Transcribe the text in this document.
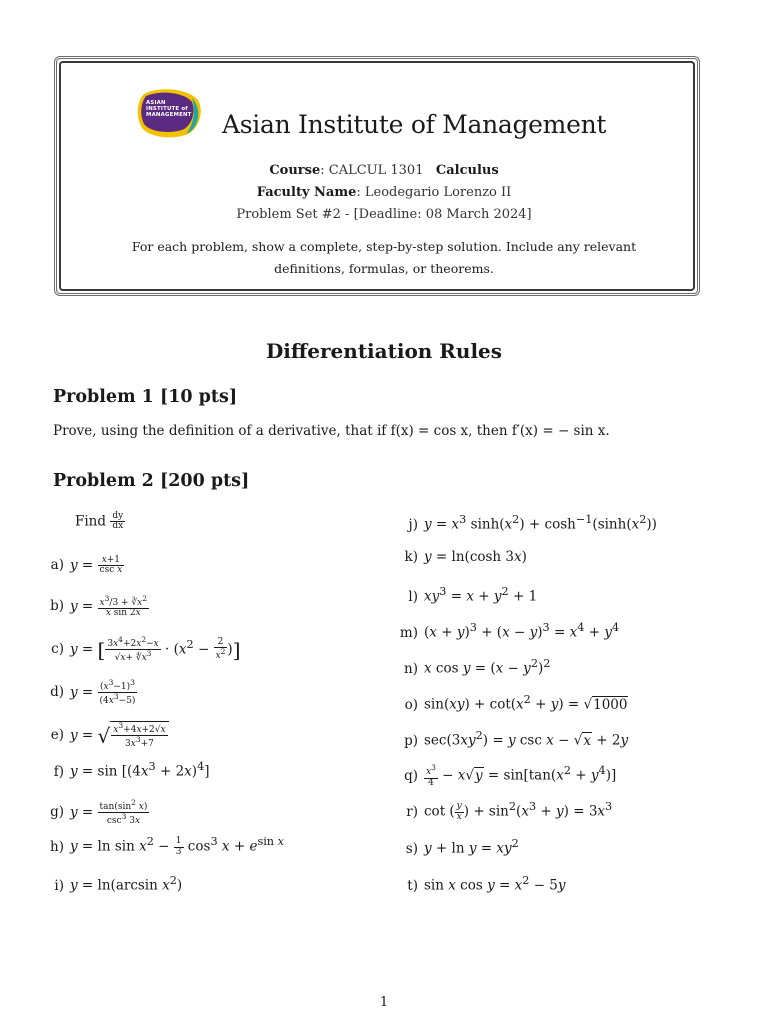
ASIAN INSTITUTE of MANAGEMENT Asian Institute of Management
Course: CALCUL 1301 Calculus
Faculty Name: Leodegario Lorenzo II
Problem Set #2 - [Deadline: 08 March 2024]
For each problem, show a complete, step-by-step solution. Include any relevant
definitions, formulas, or theorems.
Differentiation Rules
Problem 1 [10 pts]
Prove, using the definition of a derivative, that if f(x) = cos x, then f′(x) = − sin x.
Problem 2 [200 pts]
Find $\frac{dy}{dx}$
a) y = x+1
csc x
b) $y = \frac{x^3/3 + ∛x^2}{\text{x sin 2x}}$
c) y = [ $\frac{3x^4+2x^2-x}{√x+ ∜x^3} \cdot (x^2 - \frac{2}{x^2}$ )]
d) $y = \frac{(x^3-1)^3}{(4x^3-5)}$
e) y = √ $\frac{x^3+4x+2√x}{3x^3+7}$
f) $y = \sin [(4x^3 + 2x)^4]$
g) $y = \tan(\sin^2$ x)
$\csc^3 3x$
h) $y = \ln \sin x^2 - \frac{1}{3} \cos^3 x + e^{sin x}$
i) y = ln(arcsin $x^2$)
j) $y = x^3$ $\sinh(x^2) + \cosh^{-1}(\sinh(x^2))$
k) y = ln(cosh 3x)
l) $xy^3 = x + y^2 + 1$
m) $(x + y)^3 + (x - y)^3 = x^4 + y^4$
n) x $\cos y = (x - y^2)^2$
o) $\sin(xy) + \cot(x^2 + y) = √1000$
p) $\sec(3xy^2) = y$ csc x − √x + 2y
$q) \frac{x^3}{4} - x√y = \sin[\tan(x^2 + y^4)]$
r) cot ( $\frac{y}{x}$ ) + $\sin^2(x^3 + y) = 3x^3$
s) $y + \ln y = xy^2$
t) sin x $\cos y = x^2 - 5y$
1
